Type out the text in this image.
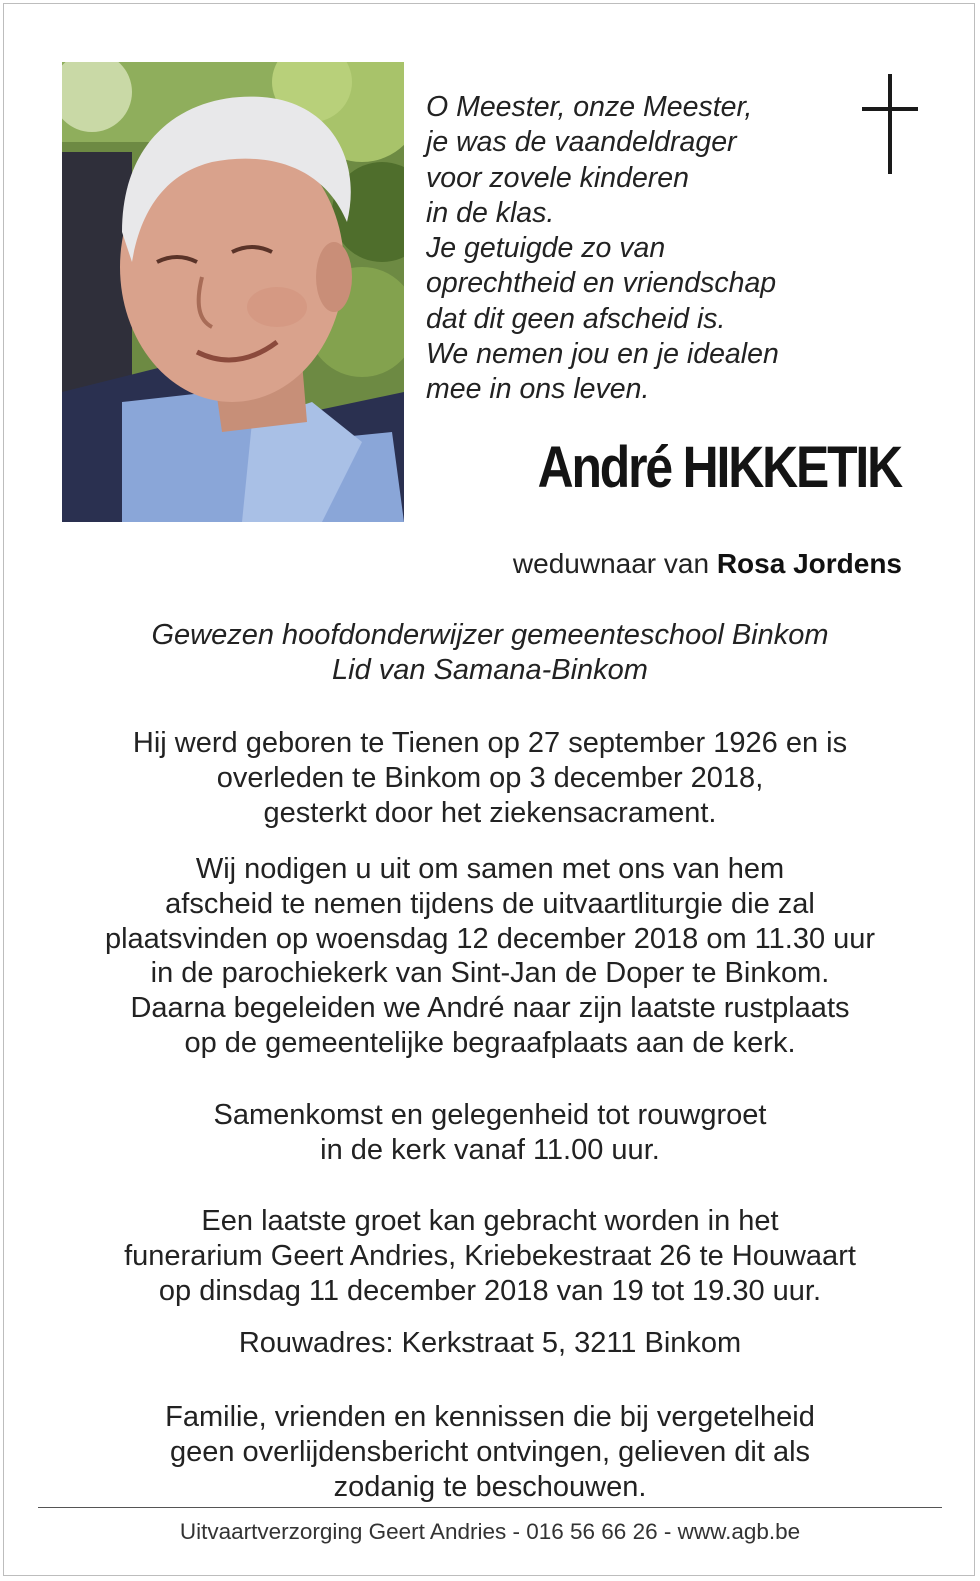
O Meester, onze Meester,
je was de vaandeldrager
voor zovele kinderen
in de klas.
Je getuigde zo van
oprechtheid en vriendschap
dat dit geen afscheid is.
We nemen jou en je idealen
mee in ons leven.
André HIKKETIK
weduwnaar van Rosa Jordens
Gewezen hoofdonderwijzer gemeenteschool Binkom
Lid van Samana-Binkom
Hij werd geboren te Tienen op 27 september 1926 en is
overleden te Binkom op 3 december 2018,
gesterkt door het ziekensacrament.
Wij nodigen u uit om samen met ons van hem
afscheid te nemen tijdens de uitvaartliturgie die zal
plaatsvinden op woensdag 12 december 2018 om 11.30 uur
in de parochiekerk van Sint-Jan de Doper te Binkom.
Daarna begeleiden we André naar zijn laatste rustplaats
op de gemeentelijke begraafplaats aan de kerk.
Samenkomst en gelegenheid tot rouwgroet
in de kerk vanaf 11.00 uur.
Een laatste groet kan gebracht worden in het
funerarium Geert Andries, Kriebekestraat 26 te Houwaart
op dinsdag 11 december 2018 van 19 tot 19.30 uur.
Rouwadres: Kerkstraat 5, 3211 Binkom
Familie, vrienden en kennissen die bij vergetelheid
geen overlijdensbericht ontvingen, gelieven dit als
zodanig te beschouwen.
Uitvaartverzorging Geert Andries - 016 56 66 26 - www.agb.be
